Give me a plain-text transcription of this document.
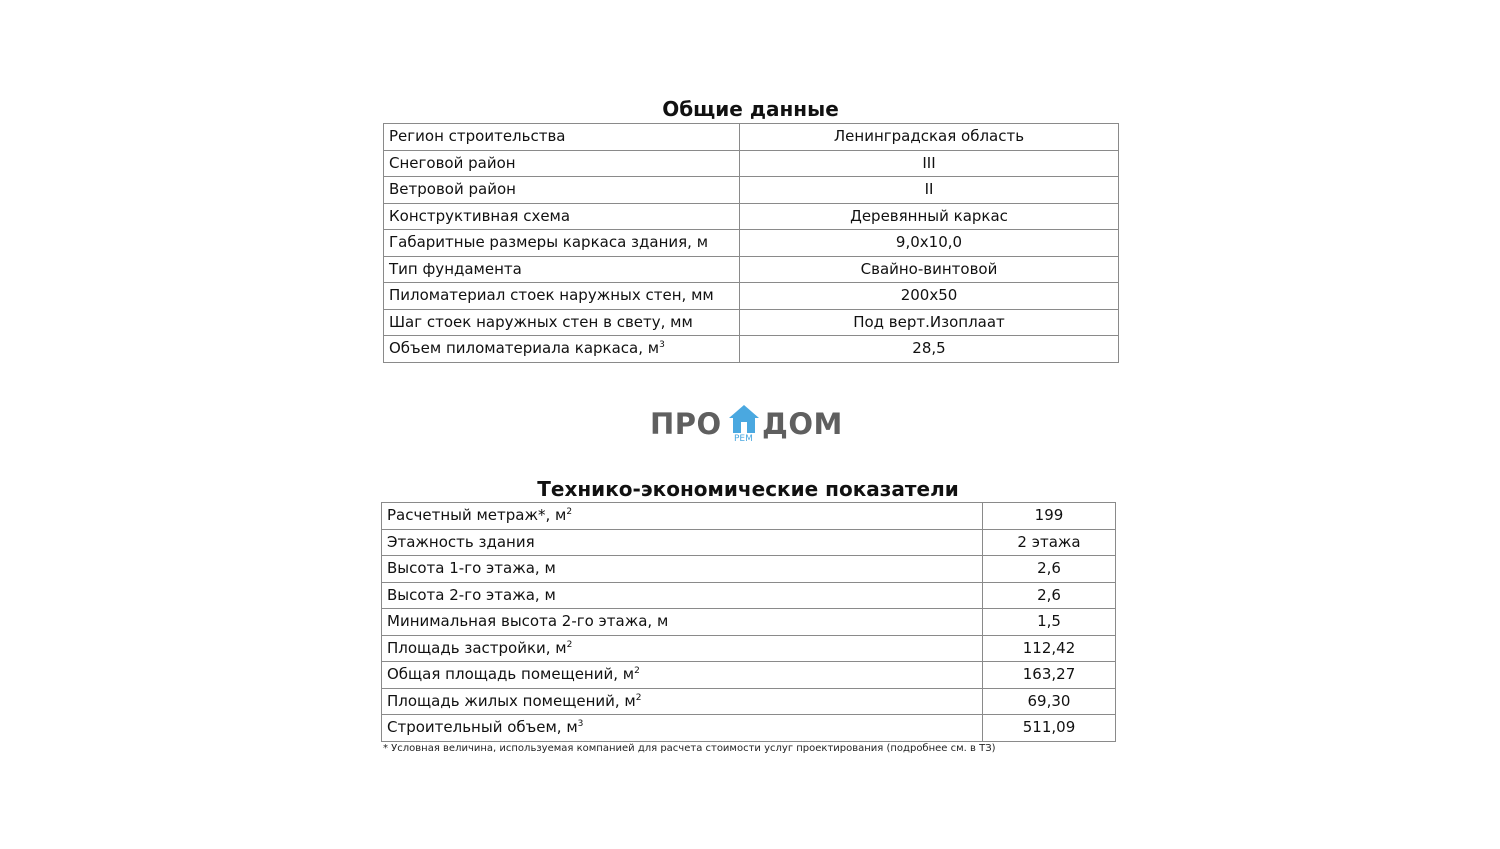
Общие данные
Регион строительства	Ленинградская область
Снеговой район	III
Ветровой район	II
Конструктивная схема	Деревянный каркас
Габаритные размеры каркаса здания, м	9,0x10,0
Тип фундамента	Свайно-винтовой
Пиломатериал стоек наружных стен, мм	200x50
Шаг стоек наружных стен в свету, мм	Под верт.Изоплаат
Объем пиломатериала каркаса, $м^3$	28,5
ПРО РЕМ ДОМ
Технико-экономические показатели
Расчетный метраж*, $м^2$	199
Этажность здания	2 этажа
Высота 1-го этажа, м	2,6
Высота 2-го этажа, м	2,6
Минимальная высота 2-го этажа, м	1,5
Площадь застройки, $м^2$	112,42
Общая площадь помещений, $м^2$	163,27
Площадь жилых помещений, $м^2$	69,30
Строительный объем, $м^3$	511,09
* Условная величина, используемая компанией для расчета стоимости услуг проектирования (подробнее см. в ТЗ)
